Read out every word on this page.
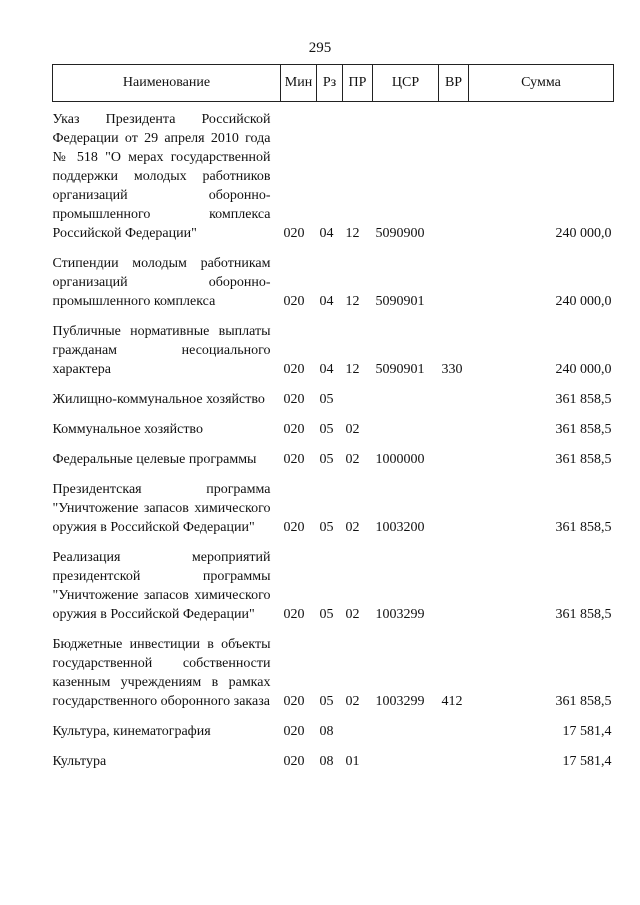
295
Наименование	Мин	Рз	ПР	ЦСР	ВР	Сумма
Указ Президента Российской Федерации от 29 апреля 2010 года № 518 "О мерах государственной поддержки молодых работников организаций оборонно-промышленного комплекса Российской Федерации"	020	04	12	5090900		240 000,0
Стипендии молодым работникам организаций оборонно-промышленного комплекса	020	04	12	5090901		240 000,0
Публичные нормативные выплаты гражданам несоциального характера	020	04	12	5090901	330	240 000,0
Жилищно-коммунальное хозяйство	020	05				361 858,5
Коммунальное хозяйство	020	05	02			361 858,5
Федеральные целевые программы	020	05	02	1000000		361 858,5
Президентская программа "Уничтожение запасов химического оружия в Российской Федерации"	020	05	02	1003200		361 858,5
Реализация мероприятий президентской программы "Уничтожение запасов химического оружия в Российской Федерации"	020	05	02	1003299		361 858,5
Бюджетные инвестиции в объекты государственной собственности казенным учреждениям в рамках государственного оборонного заказа	020	05	02	1003299	412	361 858,5
Культура, кинематография	020	08				17 581,4
Культура	020	08	01			17 581,4
